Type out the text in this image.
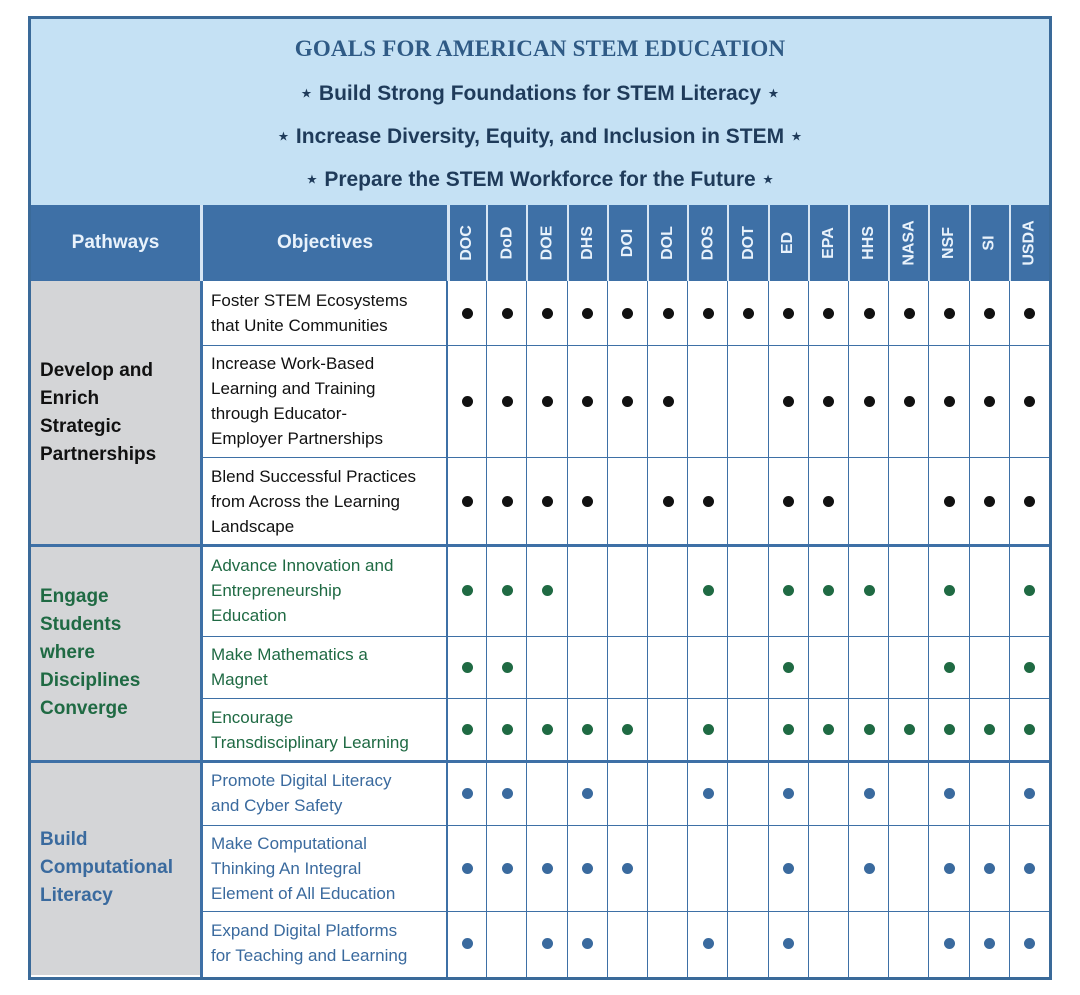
GOALS FOR AMERICAN STEM EDUCATION
⋆ Build Strong Foundations for STEM Literacy ⋆
⋆ Increase Diversity, Equity, and Inclusion in STEM ⋆
⋆ Prepare the STEM Workforce for the Future ⋆
Pathways	Objectives
Develop and
Enrich
Strategic
Partnerships
Foster STEM Ecosystems
that Unite Communities
Increase Work-Based
Learning and Training
through Educator-
Employer Partnerships
Blend Successful Practices
from Across the Learning
Landscape
Engage
Students
where
Disciplines
Converge
Advance Innovation and
Entrepreneurship
Education
Make Mathematics a
Magnet
Encourage
Transdisciplinary Learning
Build
Computational
Literacy
Promote Digital Literacy
and Cyber Safety
Make Computational
Thinking An Integral
Element of All Education
Expand Digital Platforms
for Teaching and Learning
DOC DoD DOE DHS DOI DOL DOS DOT ED EPA HHS NASA NSF SI USDA
